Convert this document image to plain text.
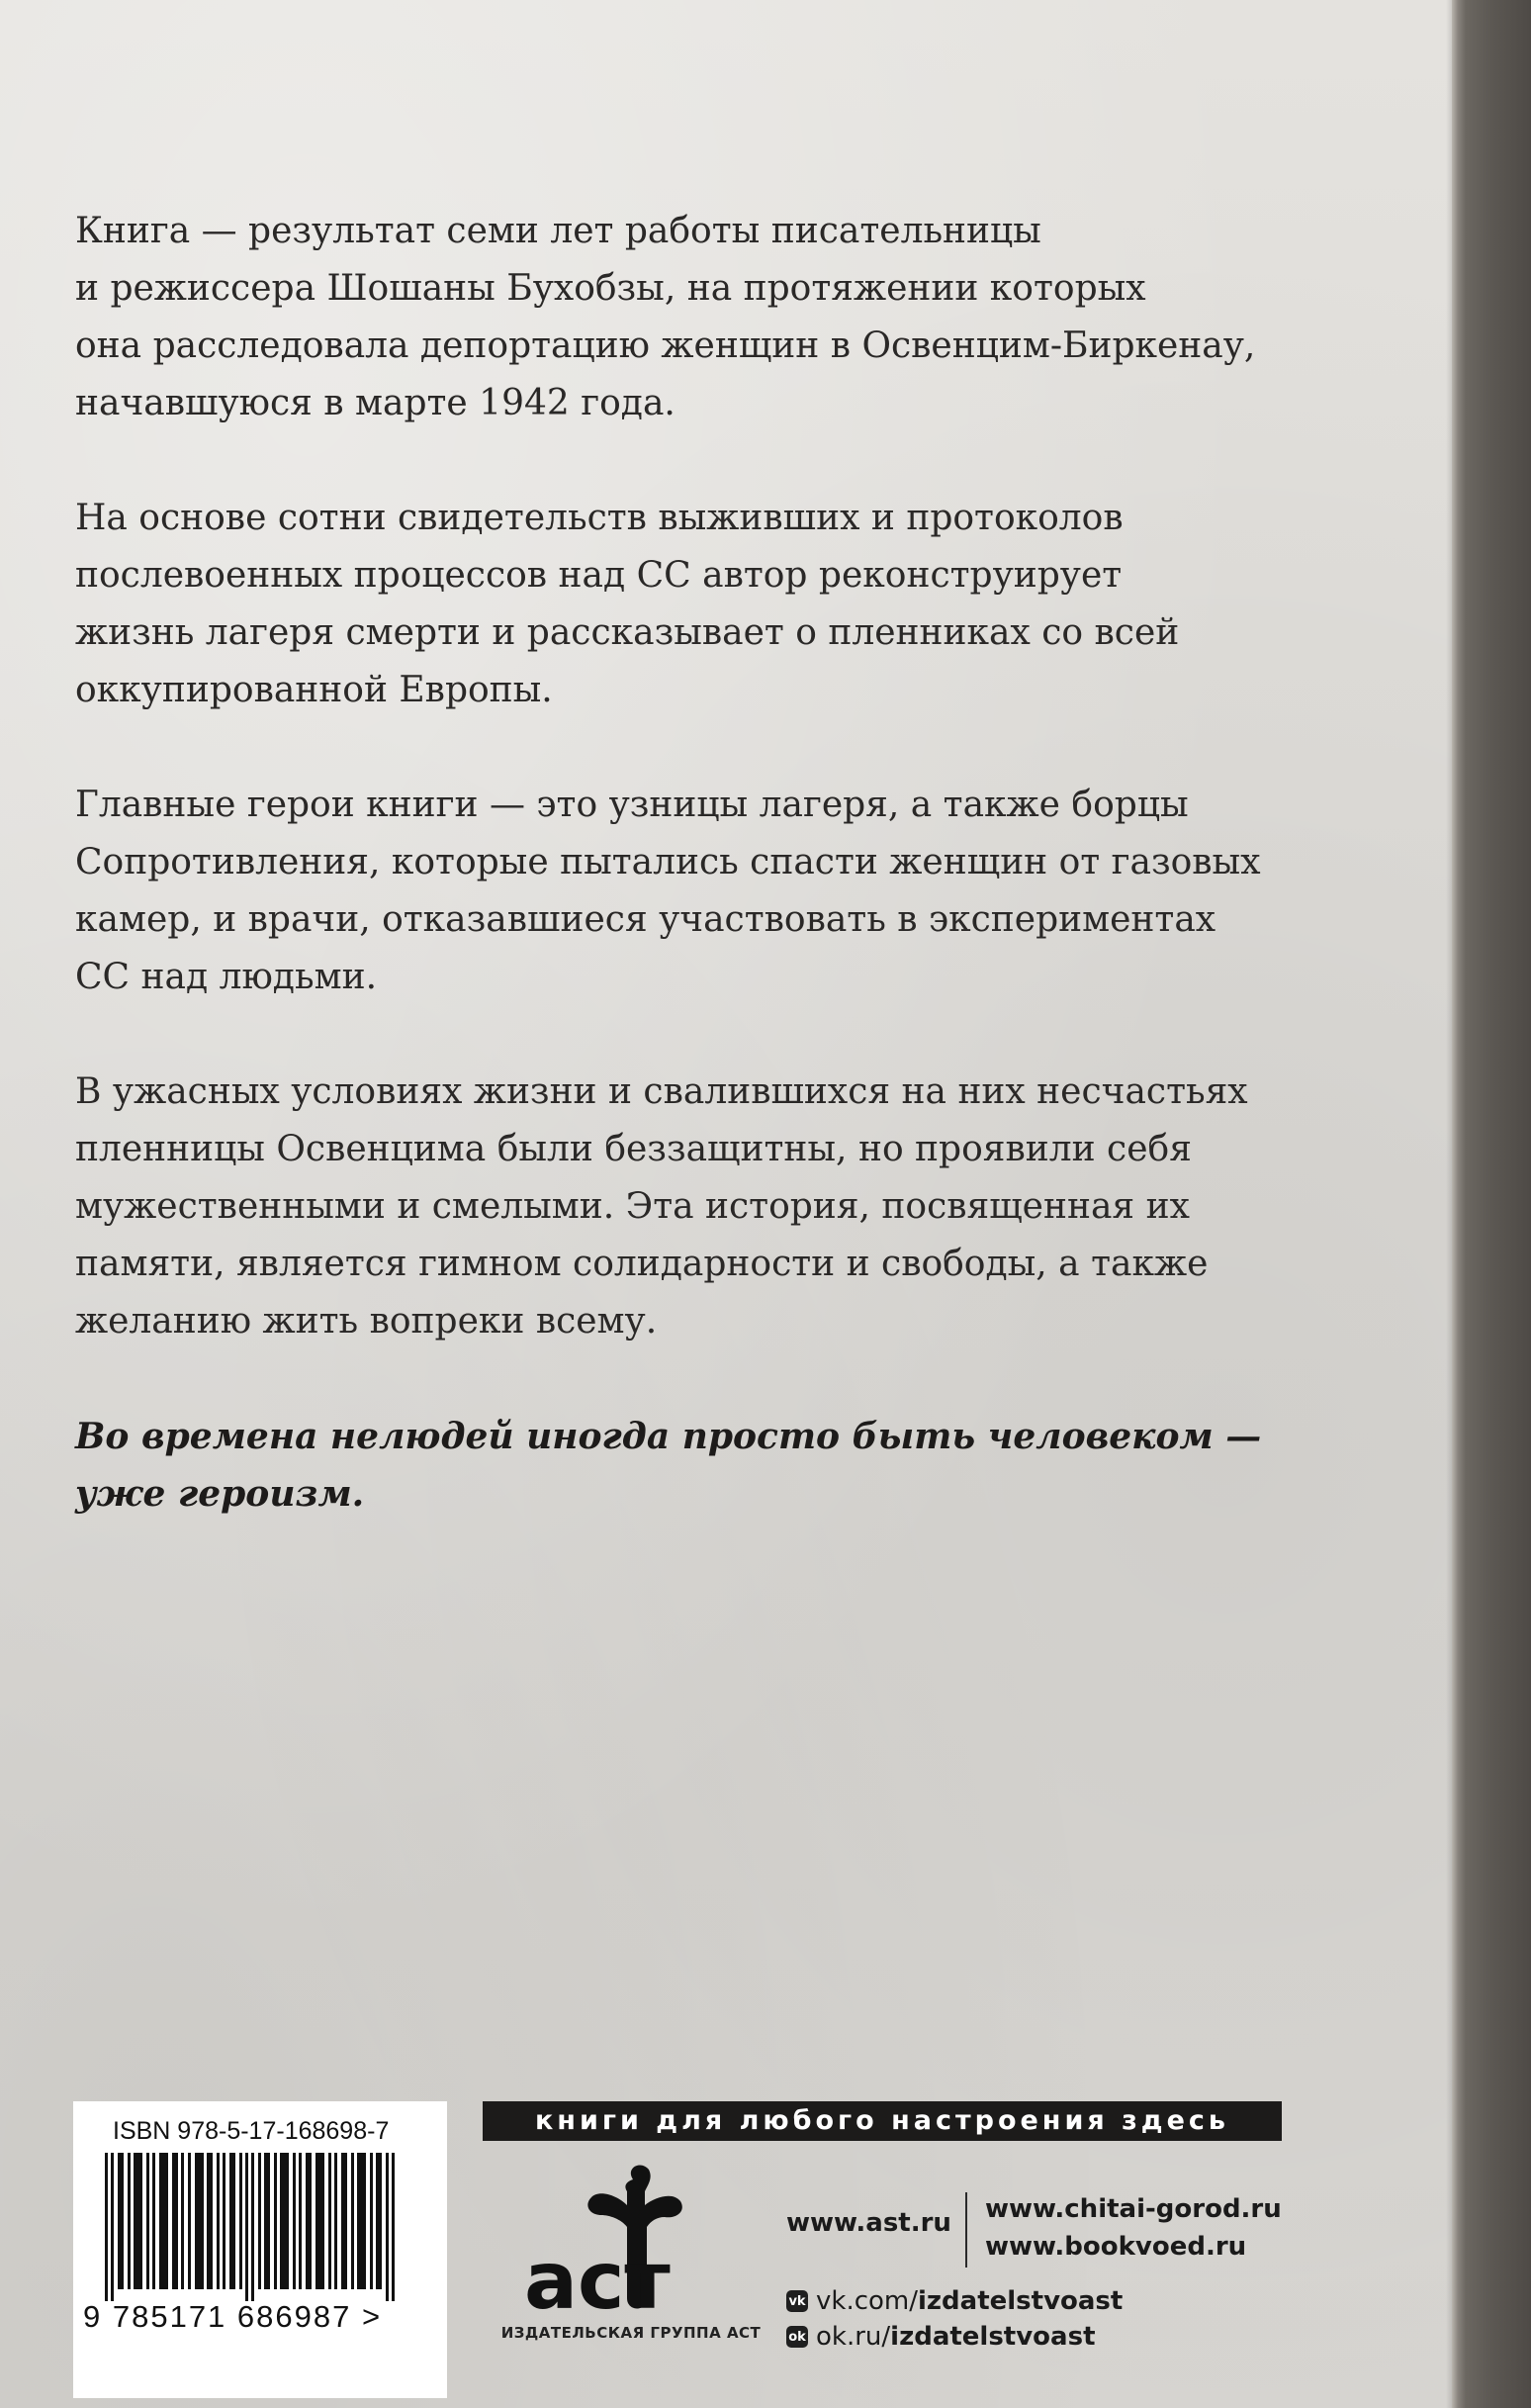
Книга — результат семи лет работы писательницы
и режиссера Шошаны Бухобзы, на протяжении которых
она расследовала депортацию женщин в Освенцим-Биркенау,
начавшуюся в марте 1942 года.

На основе сотни свидетельств выживших и протоколов
послевоенных процессов над СС автор реконструирует
жизнь лагеря смерти и рассказывает о пленниках со всей
оккупированной Европы.

Главные герои книги — это узницы лагеря, а также борцы
Сопротивления, которые пытались спасти женщин от газовых
камер, и врачи, отказавшиеся участвовать в экспериментах
СС над людьми.

В ужасных условиях жизни и свалившихся на них несчастьях
пленницы Освенцима были беззащитны, но проявили себя
мужественными и смелыми. Эта история, посвященная их
памяти, является гимном солидарности и свободы, а также
желанию жить вопреки всему.

Во времена нелюдей иногда просто быть человеком —
уже героизм.

ISBN 978-5-17-168698-7
9 785171 686987 >
книги для любого настроения здесь
аст
ИЗДАТЕЛЬСКАЯ ГРУППА АСТ
www.ast.ru www.chitai-gorod.ru
www.bookvoed.ru
vk vk.com/ izdatelstvoast
ok ok.ru/ izdatelstvoast
